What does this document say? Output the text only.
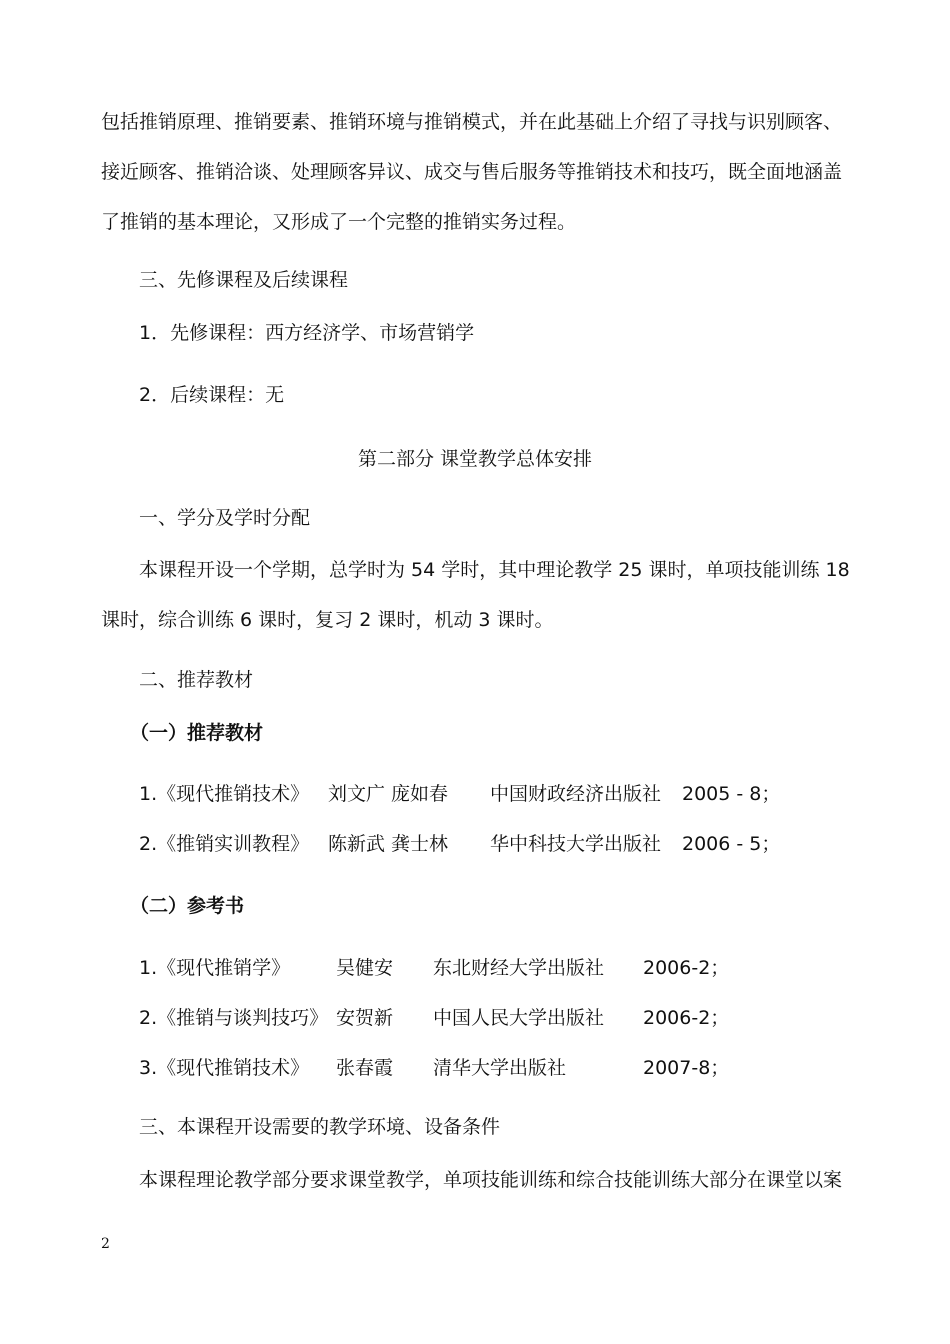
包括推销原理、推销要素、推销环境与推销模式，并在此基础上介绍了寻找与识别顾客、
接近顾客、推销洽谈、处理顾客异议、成交与售后服务等推销技术和技巧，既全面地涵盖
了推销的基本理论，又形成了一个完整的推销实务过程。
三、先修课程及后续课程
1．先修课程：西方经济学、市场营销学
2．后续课程：无
第二部分 课堂教学总体安排
一、学分及学时分配
本课程开设一个学期，总学时为 54 学时，其中理论教学 25 课时，单项技能训练 18
课时，综合训练 6 课时，复习 2 课时，机动 3 课时。
二、推荐教材
（一）推荐教材
1.《现代推销技术》 刘文广 庞如春 中国财政经济出版社 2005 - 8；
2.《推销实训教程》 陈新武 龚士林 华中科技大学出版社 2006 - 5；
（二）参考书
1.《现代推销学》 吴健安 东北财经大学出版社 2006-2；
2.《推销与谈判技巧》 安贺新 中国人民大学出版社 2006-2；
3.《现代推销技术》 张春霞 清华大学出版社	2007-8；
三、本课程开设需要的教学环境、设备条件
本课程理论教学部分要求课堂教学，单项技能训练和综合技能训练大部分在课堂以案
2
